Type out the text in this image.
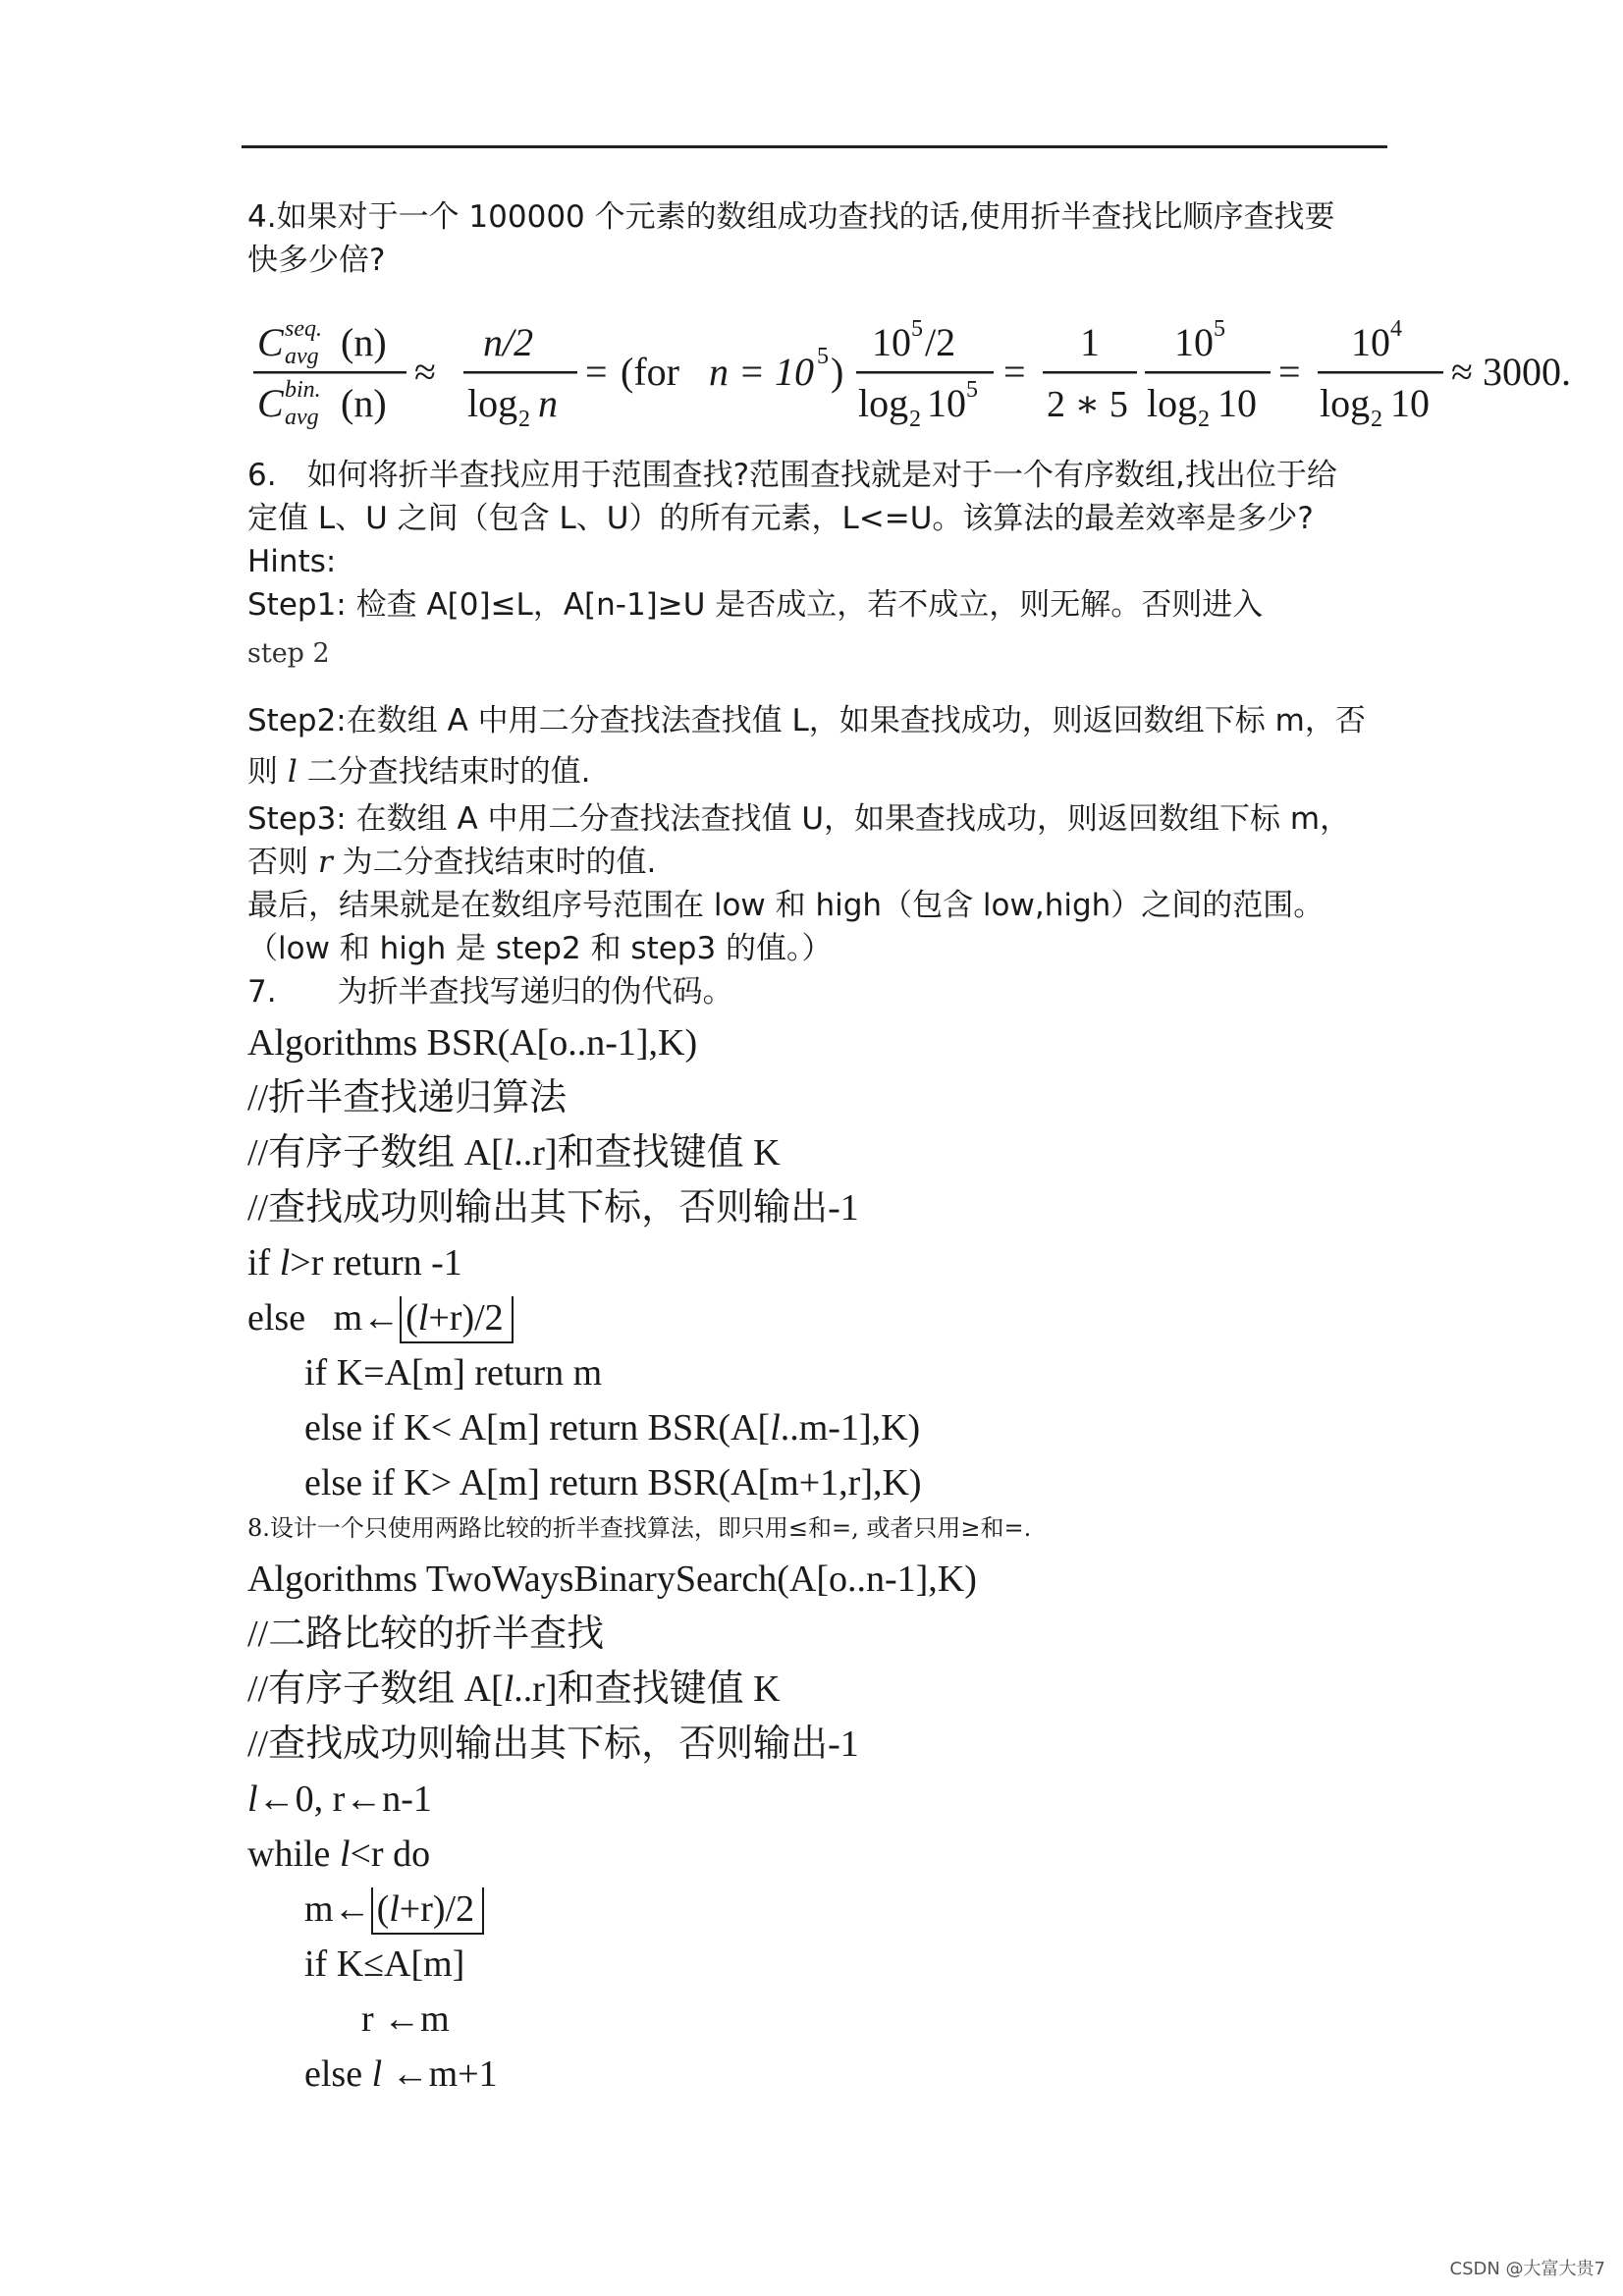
4.如果对于一个 100000 个元素的数组成功查找的话,使用折半查找比顺序查找要
快多少倍?
C seq.
avg (n)
C bin.
avg (n)
≈
n/2
log 2 n
= (for n = 10 5 )
10 5 /2
log 2 10 5 =
1
2 ∗ 5
10 5
log 2 10
=
10 4
log 2 10
≈ 3000.
6.　如何将折半查找应用于范围查找?范围查找就是对于一个有序数组,找出位于给
定值 L、U 之间（包含 L、U）的所有元素，L<=U。该算法的最差效率是多少?
Hints:
Step1: 检查 A[0]≤L，A[n-1]≥U 是否成立，若不成立，则无解。否则进入
step 2
Step2:在数组 A 中用二分查找法查找值 L，如果查找成功，则返回数组下标 m，否
则 l 二分查找结束时的值.
Step3: 在数组 A 中用二分查找法查找值 U，如果查找成功，则返回数组下标 m，
否则 r 为二分查找结束时的值.
最后，结果就是在数组序号范围在 low 和 high（包含 low,high）之间的范围。
（low 和 high 是 step2 和 step3 的值。）
7.　　为折半查找写递归的伪代码。
Algorithms BSR(A[o..n-1],K)
//折半查找递归算法
//有序子数组 A[l..r]和查找键值 K
//查找成功则输出其下标，否则输出-1
if l>r return -1
else   m← (l+r)/2
if K=A[m] return m
else if K< A[m] return BSR(A[l..m-1],K)
else if K> A[m] return BSR(A[m+1,r],K)
8.设计一个只使用两路比较的折半查找算法，即只用≤和=, 或者只用≥和=.
Algorithms TwoWaysBinarySearch(A[o..n-1],K)
//二路比较的折半查找
//有序子数组 A[l..r]和查找键值 K
//查找成功则输出其下标，否则输出-1
l←0, r←n-1
while l<r do
m← (l+r)/2
if K≤A[m]
r ←m
else l ←m+1
CSDN @大富大贵7
